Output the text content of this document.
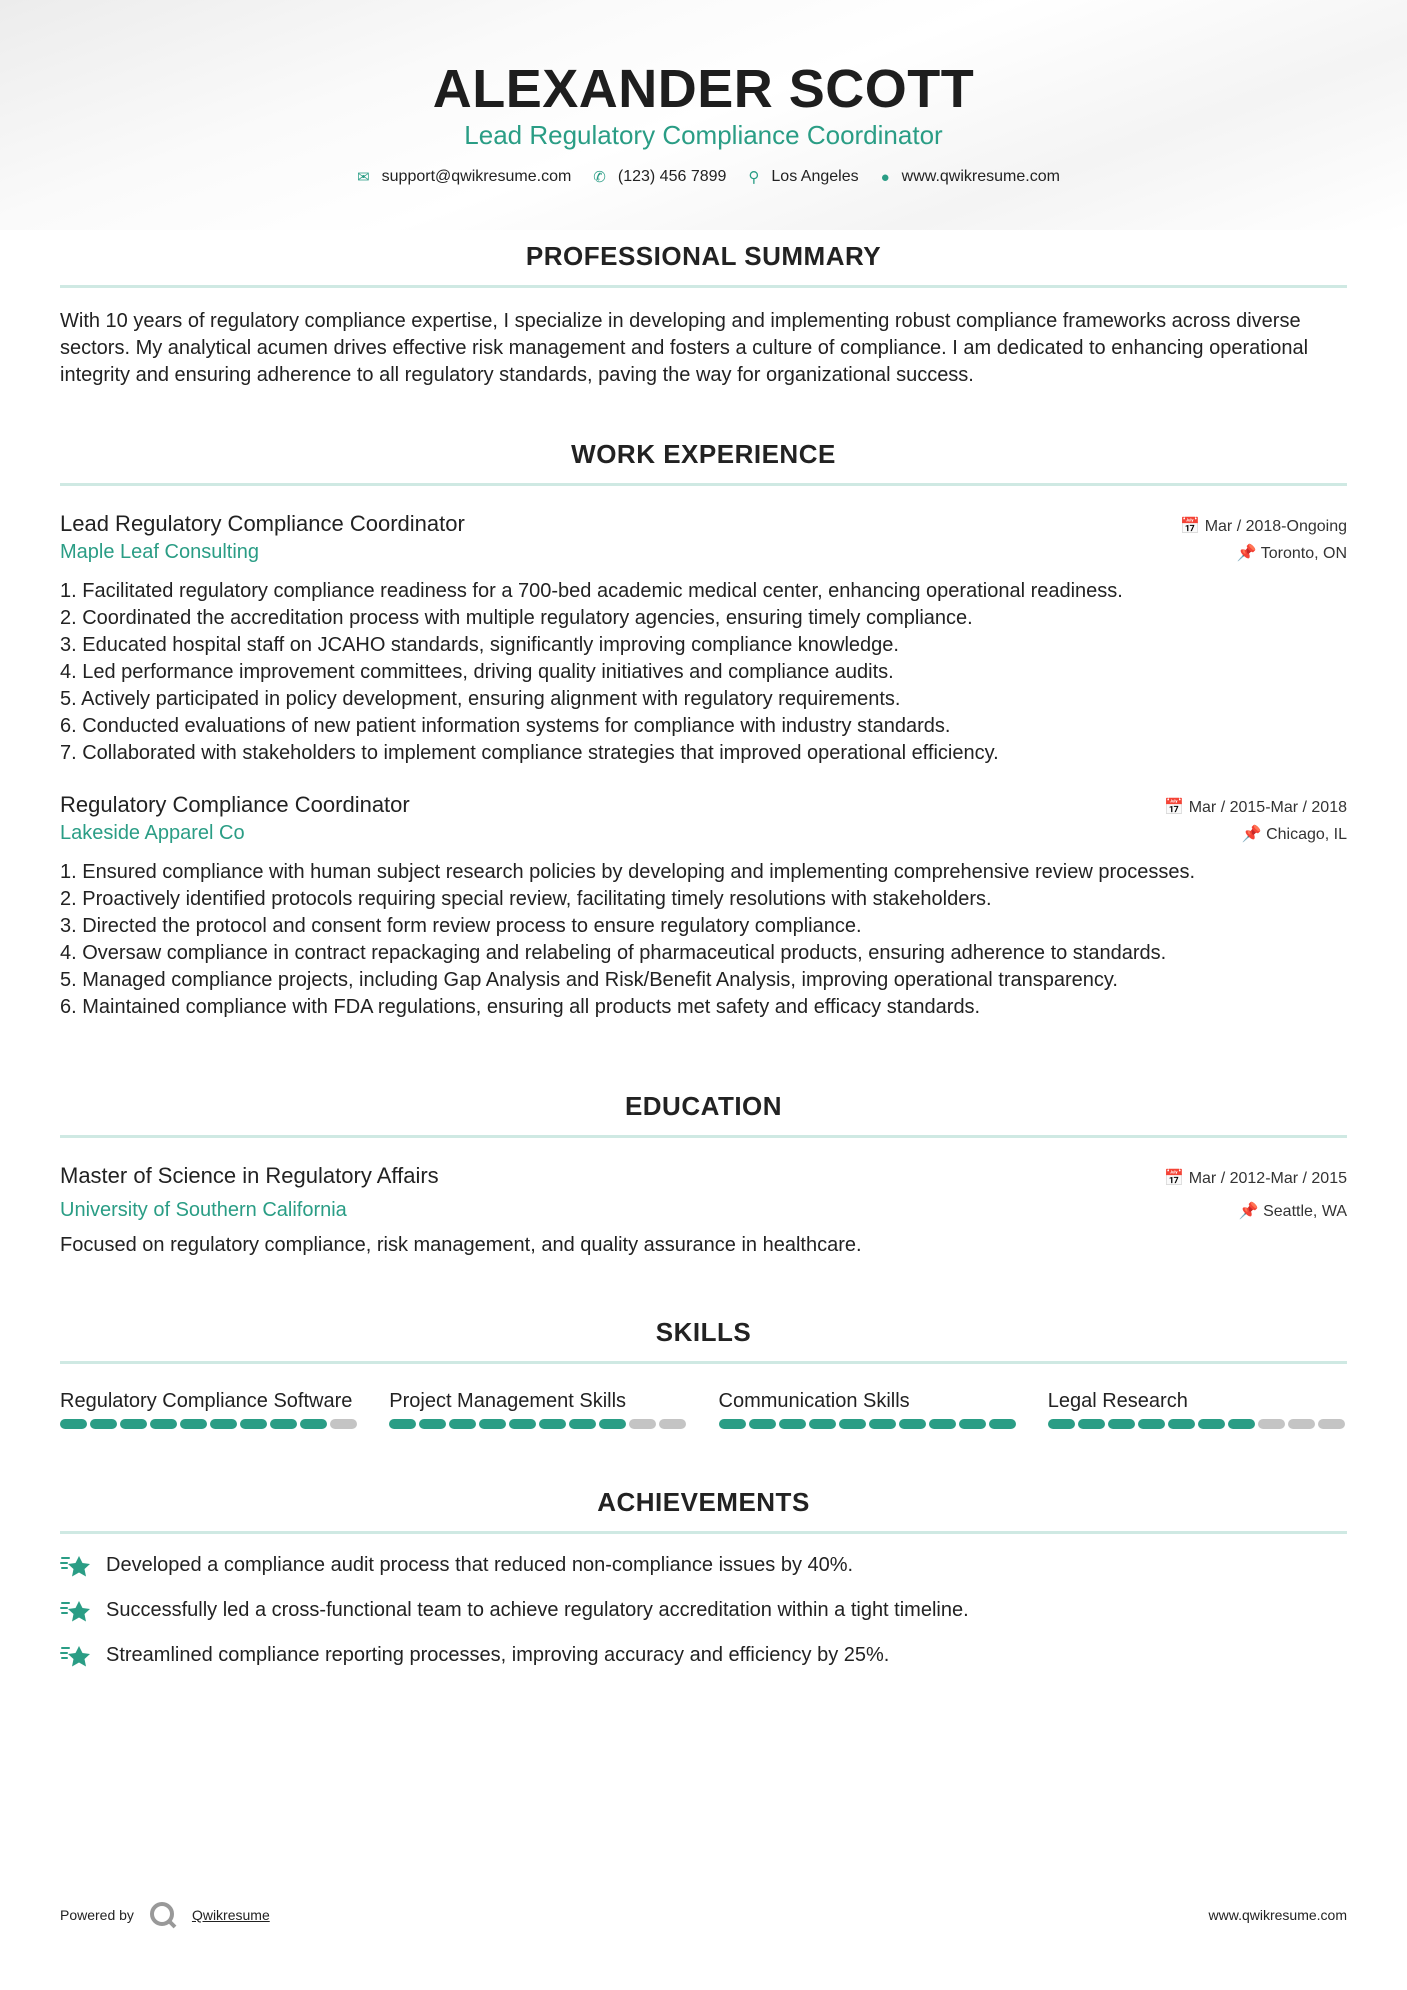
ALEXANDER SCOTT
Lead Regulatory Compliance Coordinator
✉ support@qwikresume.com ✆ (123) 456 7899 ⚲ Los Angeles ● www.qwikresume.com
PROFESSIONAL SUMMARY

With 10 years of regulatory compliance expertise, I specialize in developing and implementing robust compliance frameworks across diverse sectors. My analytical acumen drives effective risk management and fosters a culture of compliance. I am dedicated to enhancing operational integrity and ensuring adherence to all regulatory standards, paving the way for organizational success.

WORK EXPERIENCE
Lead Regulatory Compliance Coordinator	📅 Mar / 2018-Ongoing
Maple Leaf Consulting	📌 Toronto, ON
1. Facilitated regulatory compliance readiness for a 700-bed academic medical center, enhancing operational readiness.
2. Coordinated the accreditation process with multiple regulatory agencies, ensuring timely compliance.
3. Educated hospital staff on JCAHO standards, significantly improving compliance knowledge.
4. Led performance improvement committees, driving quality initiatives and compliance audits.
5. Actively participated in policy development, ensuring alignment with regulatory requirements.
6. Conducted evaluations of new patient information systems for compliance with industry standards.
7. Collaborated with stakeholders to implement compliance strategies that improved operational efficiency.
Regulatory Compliance Coordinator	📅 Mar / 2015-Mar / 2018
Lakeside Apparel Co	📌 Chicago, IL
1. Ensured compliance with human subject research policies by developing and implementing comprehensive review processes.
2. Proactively identified protocols requiring special review, facilitating timely resolutions with stakeholders.
3. Directed the protocol and consent form review process to ensure regulatory compliance.
4. Oversaw compliance in contract repackaging and relabeling of pharmaceutical products, ensuring adherence to standards.
5. Managed compliance projects, including Gap Analysis and Risk/Benefit Analysis, improving operational transparency.
6. Maintained compliance with FDA regulations, ensuring all products met safety and efficacy standards.
EDUCATION
Master of Science in Regulatory Affairs	📅 Mar / 2012-Mar / 2015
University of Southern California	📌 Seattle, WA

Focused on regulatory compliance, risk management, and quality assurance in healthcare.

SKILLS
Regulatory Compliance Software	Project Management Skills	Communication Skills	Legal Research
ACHIEVEMENTS
Developed a compliance audit process that reduced non-compliance issues by 40%.
Successfully led a cross-functional team to achieve regulatory accreditation within a tight timeline.
Streamlined compliance reporting processes, improving accuracy and efficiency by 25%.
Powered by	Qwikresume	www.qwikresume.com
